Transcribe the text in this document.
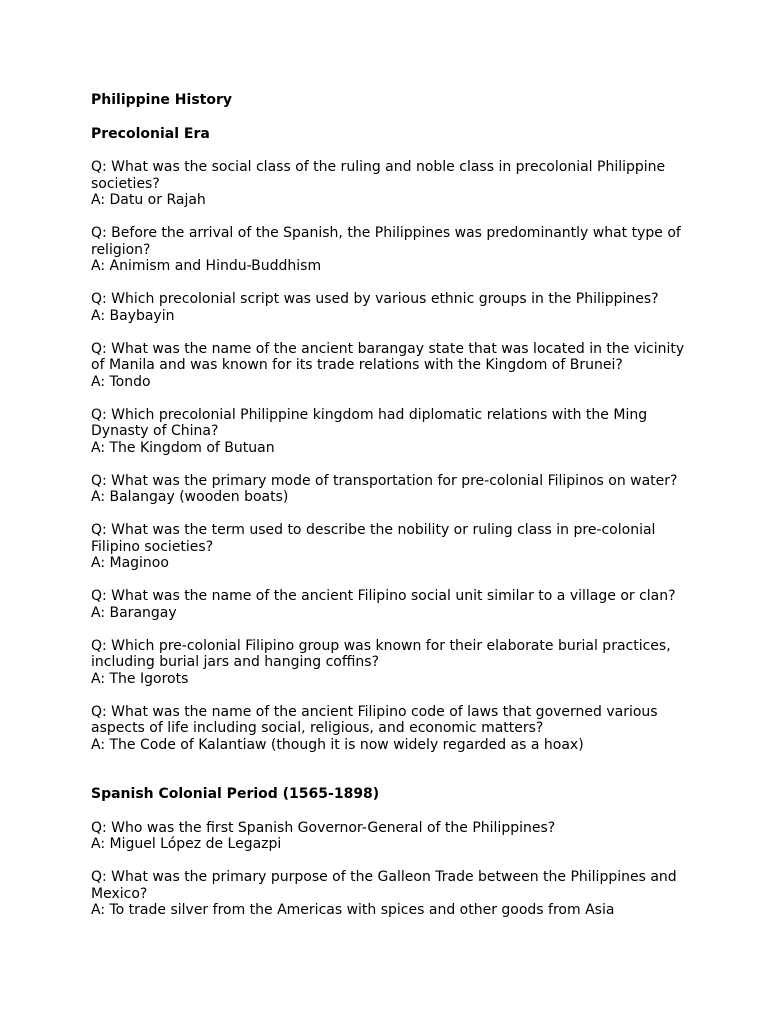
Philippine History

Precolonial Era

Q: What was the social class of the ruling and noble class in precolonial Philippine societies?

A: Datu or Rajah

Q: Before the arrival of the Spanish, the Philippines was predominantly what type of religion?

A: Animism and Hindu-Buddhism

Q: Which precolonial script was used by various ethnic groups in the Philippines?

A: Baybayin

Q: What was the name of the ancient barangay state that was located in the vicinity of Manila and was known for its trade relations with the Kingdom of Brunei?

A: Tondo

Q: Which precolonial Philippine kingdom had diplomatic relations with the Ming Dynasty of China?

A: The Kingdom of Butuan

Q: What was the primary mode of transportation for pre-colonial Filipinos on water?

A: Balangay (wooden boats)

Q: What was the term used to describe the nobility or ruling class in pre-colonial Filipino societies?

A: Maginoo

Q: What was the name of the ancient Filipino social unit similar to a village or clan?

A: Barangay

Q: Which pre-colonial Filipino group was known for their elaborate burial practices, including burial jars and hanging coffins?

A: The Igorots

Q: What was the name of the ancient Filipino code of laws that governed various aspects of life including social, religious, and economic matters?

A: The Code of Kalantiaw (though it is now widely regarded as a hoax)

Spanish Colonial Period (1565-1898)

Q: Who was the first Spanish Governor-General of the Philippines?

A: Miguel López de Legazpi

Q: What was the primary purpose of the Galleon Trade between the Philippines and Mexico?

A: To trade silver from the Americas with spices and other goods from Asia
